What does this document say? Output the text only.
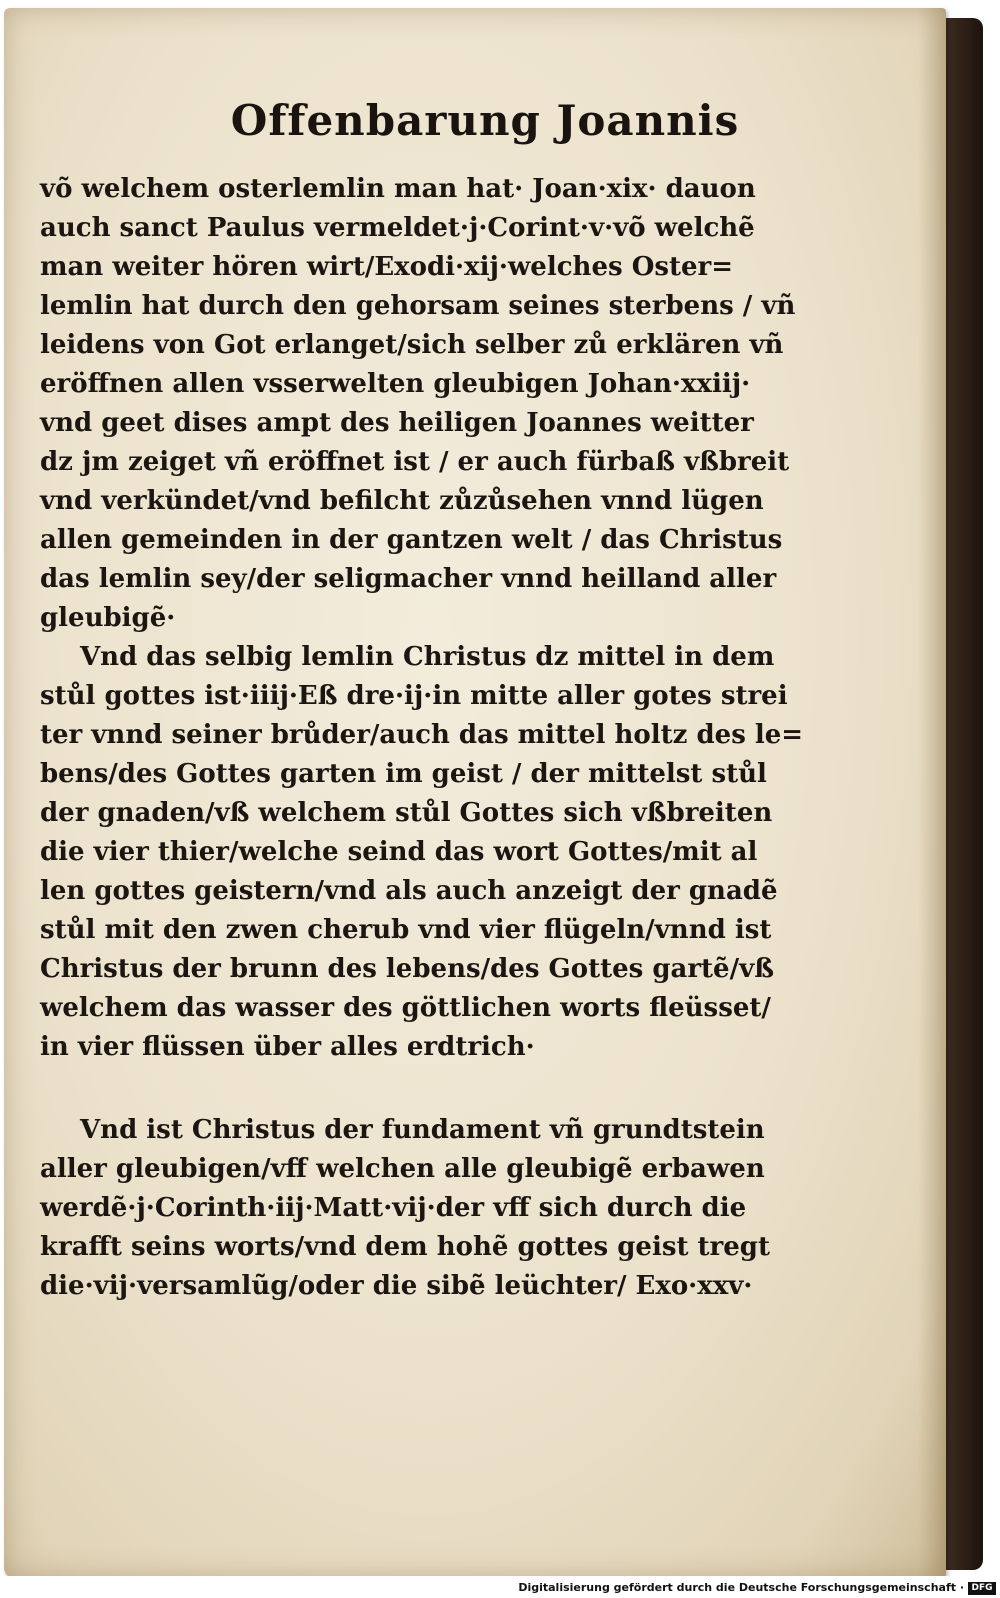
Offenbarung Joannis
võ welchem osterlemlin man hat· Joan·xix· dauon
auch sanct Paulus vermeldet·j·Corint·v·võ welchẽ
man weiter hören wirt/Exodi·xij·welches Oster=
lemlin hat durch den gehorsam seines sterbens / vñ
leidens von Got erlanget/sich selber zů erklären vñ
eröffnen allen vsserwelten gleubigen Johan·xxiij·
vnd geet dises ampt des heiligen Joannes weitter
dz jm zeiget vñ eröffnet ist / er auch fürbaß vßbreit
vnd verkündet/vnd befilcht zůzůsehen vnnd lügen
allen gemeinden in der gantzen welt / das Christus
das lemlin sey/der seligmacher vnnd heilland aller
gleubigẽ·
Vnd das selbig lemlin Christus dz mittel in dem
stůl gottes ist·iiij·Eß dre·ij·in mitte aller gotes strei
ter vnnd seiner brůder/auch das mittel holtz des le=
bens/des Gottes garten im geist / der mittelst stůl
der gnaden/vß welchem stůl Gottes sich vßbreiten
die vier thier/welche seind das wort Gottes/mit al
len gottes geistern/vnd als auch anzeigt der gnadẽ
stůl mit den zwen cherub vnd vier flügeln/vnnd ist
Christus der brunn des lebens/des Gottes gartẽ/vß
welchem das wasser des göttlichen worts fleüsset/
in vier flüssen über alles erdtrich·
Vnd ist Christus der fundament vñ grundtstein
aller gleubigen/vff welchen alle gleubigẽ erbawen
werdẽ·j·Corinth·iij·Matt·vij·der vff sich durch die
krafft seins worts/vnd dem hohẽ gottes geist tregt
die·vij·versamlũg/oder die sibẽ leüchter/ Exo·xxv·
Digitalisierung gefördert durch die Deutsche Forschungsgemeinschaft · DFG
